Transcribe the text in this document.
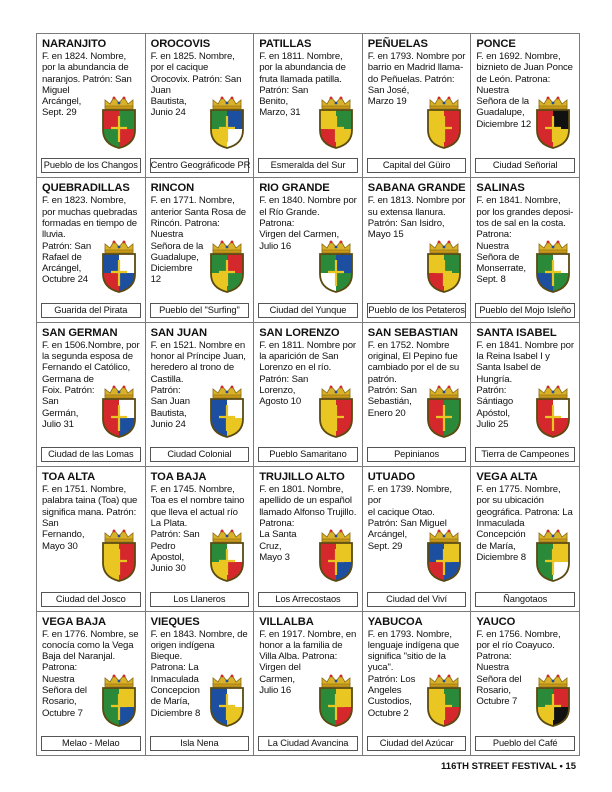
NARANJITO
F. en 1824. Nombre,
por la abundancia de
naranjos. Patrón: San
Miguel
Arcángel,
Sept. 29
Pueblo de los Changos
OROCOVIS
F. en 1825. Nombre,
por el cacique
Orocovix. Patrón: San
Juan
Bautista,
Junio 24
Centro Geográficode PR
PATILLAS
F. en 1811. Nombre,
por la abundancia de
fruta llamada patilla.
Patrón: San
Benito,
Marzo, 31
Esmeralda del Sur
PEÑUELAS
F. en 1793. Nombre por
barrio en Madrid llama-
do Peñuelas. Patrón:
San José,
Marzo 19
Capital del Güiro
PONCE
F. en 1692. Nombre,
biznieto de Juan Ponce
de León. Patrona:
Nuestra
Señora de la
Guadalupe,
Diciembre 12
Ciudad Señorial
QUEBRADILLAS
F. en 1823. Nombre,
por muchas quebradas
formadas en tiempo de
lluvia.
Patrón: San
Rafael de
Arcángel,
Octubre 24
Guarida del Pirata
RINCON
F. en 1771. Nombre,
anterior Santa Rosa de
Rincón. Patrona:
Nuestra
Señora de la
Guadalupe,
Diciembre
12
Pueblo del "Surfing"
RIO GRANDE
F. en 1840. Nombre por
el Río Grande. Patrona:
Virgen del Carmen,
Julio 16
Ciudad del Yunque
SABANA GRANDE
F. en 1813. Nombre por
su extensa llanura.
Patrón: San Isidro,
Mayo 15
Pueblo de los Petateros
SALINAS
F. en 1841. Nombre,
por los grandes deposi-
tos de sal en la costa.
Patrona:
Nuestra
Señora de
Monserrate,
Sept. 8
Pueblo del Mojo Isleño
SAN GERMAN
F. en 1506.Nombre, por
la segunda esposa de
Fernando el Católico,
Germana de
Foix. Patrón:
San
Germán,
Julio 31
Ciudad de las Lomas
SAN JUAN
F. en 1521. Nombre en
honor al Príncipe Juan,
heredero al trono de
Castilla.
Patrón:
San Juan
Bautista,
Junio 24
Ciudad Colonial
SAN LORENZO
F. en 1811. Nombre por
la aparición de San
Lorenzo en el río.
Patrón: San
Lorenzo,
Agosto 10
Pueblo Samaritano
SAN SEBASTIAN
F. en 1752. Nombre
original, El Pepino fue
cambiado por el de su
patrón.
Patrón: San
Sebastián,
Enero 20
Pepinianos
SANTA ISABEL
F. en 1841. Nombre por
la Reina Isabel I y
Santa Isabel de
Hungría.
Patrón:
Sántiago
Apóstol,
Julio 25
Tierra de Campeones
TOA ALTA
F. en 1751. Nombre,
palabra taina (Toa) que
significa mana. Patrón:
San
Fernando,
Mayo 30
Ciudad del Josco
TOA BAJA
F. en 1745. Nombre,
Toa es el nombre taino
que lleva el actual río
La Plata.
Patrón: San
Pedro
Apostol,
Junio 30
Los Llaneros
TRUJILLO ALTO
F. en 1801. Nombre,
apellido de un español
llamado Alfonso Trujillo.
Patrona:
La Santa
Cruz,
Mayo 3
Los Arrecostaos
UTUADO
F. en 1739. Nombre, por
el cacique Otao.
Patrón: San Miguel
Arcángel,
Sept. 29
Ciudad del Viví
VEGA ALTA
F. en 1775. Nombre,
por su ubicación
geográfica. Patrona: La
Inmaculada
Concepción
de María,
Diciembre 8
Ñangotaos
VEGA BAJA
F. en 1776. Nombre, se
conocía como la Vega
Baja del Naranjal.
Patrona:
Nuestra
Señora del
Rosario,
Octubre 7
Melao - Melao
VIEQUES
F. en 1843. Nombre, de
origen indígena Bieque.
Patrona: La Inmaculada
Concepcion
de María,
Diciembre 8
Isla Nena
VILLALBA
F. en 1917. Nombre, en
honor a la familia de
Villa Alba. Patrona:
Virgen del
Carmen,
Julio 16
La Ciudad Avancina
YABUCOA
F. en 1793. Nombre,
lenguaje indígena que
significa "sitio de la
yuca".
Patrón: Los
Angeles
Custodios,
Octubre 2
Ciudad del Azúcar
YAUCO
F. en 1756. Nombre,
por el río Coayuco.
Patrona:
Nuestra
Señora del
Rosario,
Octubre 7
Pueblo del Café
116TH STREET FESTIVAL • 15
